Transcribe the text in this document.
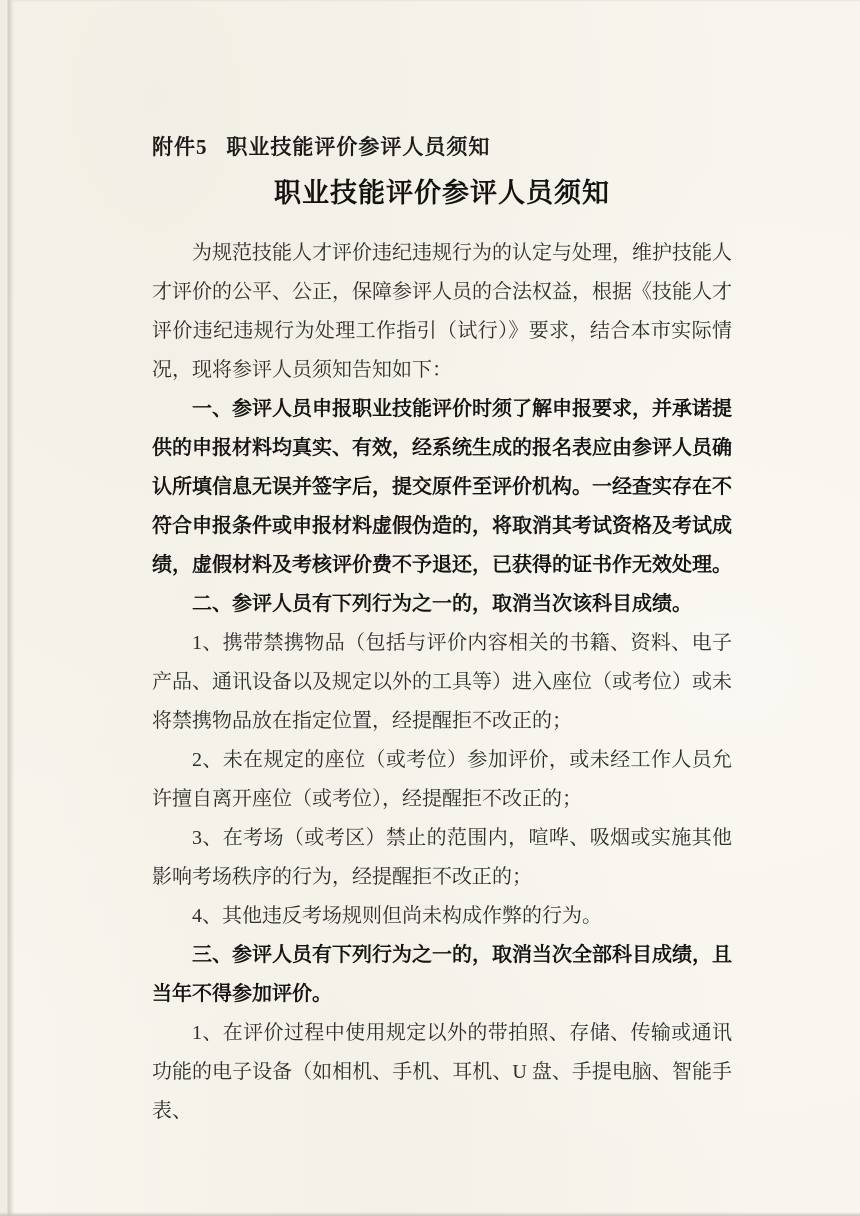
附件5 职业技能评价参评人员须知
职业技能评价参评人员须知

为规范技能人才评价违纪违规行为的认定与处理，维护技能人才评价的公平、公正，保障参评人员的合法权益，根据《技能人才评价违纪违规行为处理工作指引（试行）》要求，结合本市实际情况，现将参评人员须知告知如下：

一、参评人员申报职业技能评价时须了解申报要求，并承诺提供的申报材料均真实、有效，经系统生成的报名表应由参评人员确认所填信息无误并签字后，提交原件至评价机构。一经查实存在不符合申报条件或申报材料虚假伪造的，将取消其考试资格及考试成绩，虚假材料及考核评价费不予退还，已获得的证书作无效处理。

二、参评人员有下列行为之一的，取消当次该科目成绩。

1、携带禁携物品（包括与评价内容相关的书籍、资料、电子产品、通讯设备以及规定以外的工具等）进入座位（或考位）或未将禁携物品放在指定位置，经提醒拒不改正的；

2、未在规定的座位（或考位）参加评价，或未经工作人员允许擅自离开座位（或考位），经提醒拒不改正的；

3、在考场（或考区）禁止的范围内，喧哗、吸烟或实施其他影响考场秩序的行为，经提醒拒不改正的；

4、其他违反考场规则但尚未构成作弊的行为。

三、参评人员有下列行为之一的，取消当次全部科目成绩，且当年不得参加评价。

1、在评价过程中使用规定以外的带拍照、存储、传输或通讯功能的电子设备（如相机、手机、耳机、U 盘、手提电脑、智能手表、
